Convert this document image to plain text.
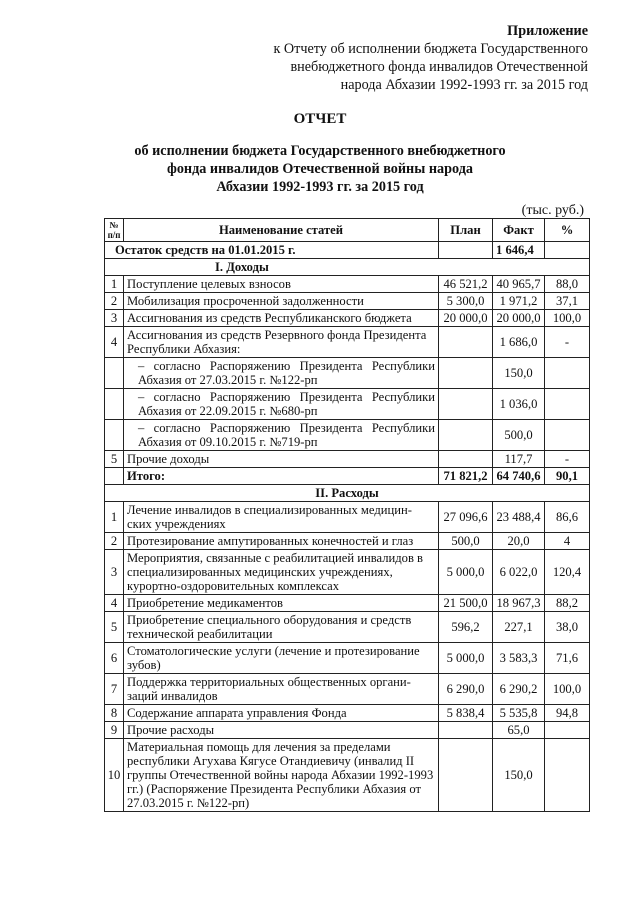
Приложение
к Отчету об исполнении бюджета Государственного
внебюджетного фонда инвалидов Отечественной
народа Абхазии 1992-1993 гг. за 2015 год
ОТЧЕТ
об исполнении бюджета Государственного внебюджетного
фонда инвалидов Отечественной войны народа
Абхазии 1992-1993 гг. за 2015 год
(тыс. руб.)
№ п/п	Наименование статей	План	Факт	%
Остаток средств на 01.01.2015 г.			1 646,4	
I. Доходы				
1	Поступление целевых взносов	46 521,2	40 965,7	88,0
2	Мобилизация просроченной задолженности	5 300,0	1 971,2	37,1
3	Ассигнования из средств Республиканского бюджета	20 000,0	20 000,0	100,0
4	Ассигнования из средств Резервного фонда Президента Республики Абхазия:		1 686,0	-
	– согласно Распоряжению Президента Республики Абхазия от 27.03.2015 г. №122-рп		150,0	
	– согласно Распоряжению Президента Республики Абхазия от 22.09.2015 г. №680-рп		1 036,0	
	– согласно Распоряжению Президента Республики Абхазия от 09.10.2015 г. №719-рп		500,0	
5	Прочие доходы		117,7	-
	Итого:	71 821,2	64 740,6	90,1
II. Расходы				
1	Лечение инвалидов в специализированных медицин-ских учреждениях	27 096,6	23 488,4	86,6
2	Протезирование ампутированных конечностей и глаз	500,0	20,0	4
3	Мероприятия, связанные с реабилитацией инвалидов в специализированных медицинских учреждениях, курортно-оздоровительных комплексах	5 000,0	6 022,0	120,4
4	Приобретение медикаментов	21 500,0	18 967,3	88,2
5	Приобретение специального оборудования и средств технической реабилитации	596,2	227,1	38,0
6	Стоматологические услуги (лечение и протезирование зубов)	5 000,0	3 583,3	71,6
7	Поддержка территориальных общественных органи-заций инвалидов	6 290,0	6 290,2	100,0
8	Содержание аппарата управления Фонда	5 838,4	5 535,8	94,8
9	Прочие расходы		65,0	
10	Материальная помощь для лечения за пределами республики Агухава Кягусе Отандиевичу (инвалид II группы Отечественной войны народа Абхазии 1992-1993 гг.) (Распоряжение Президента Республики Абхазия от 27.03.2015 г. №122-рп)		150,0	
